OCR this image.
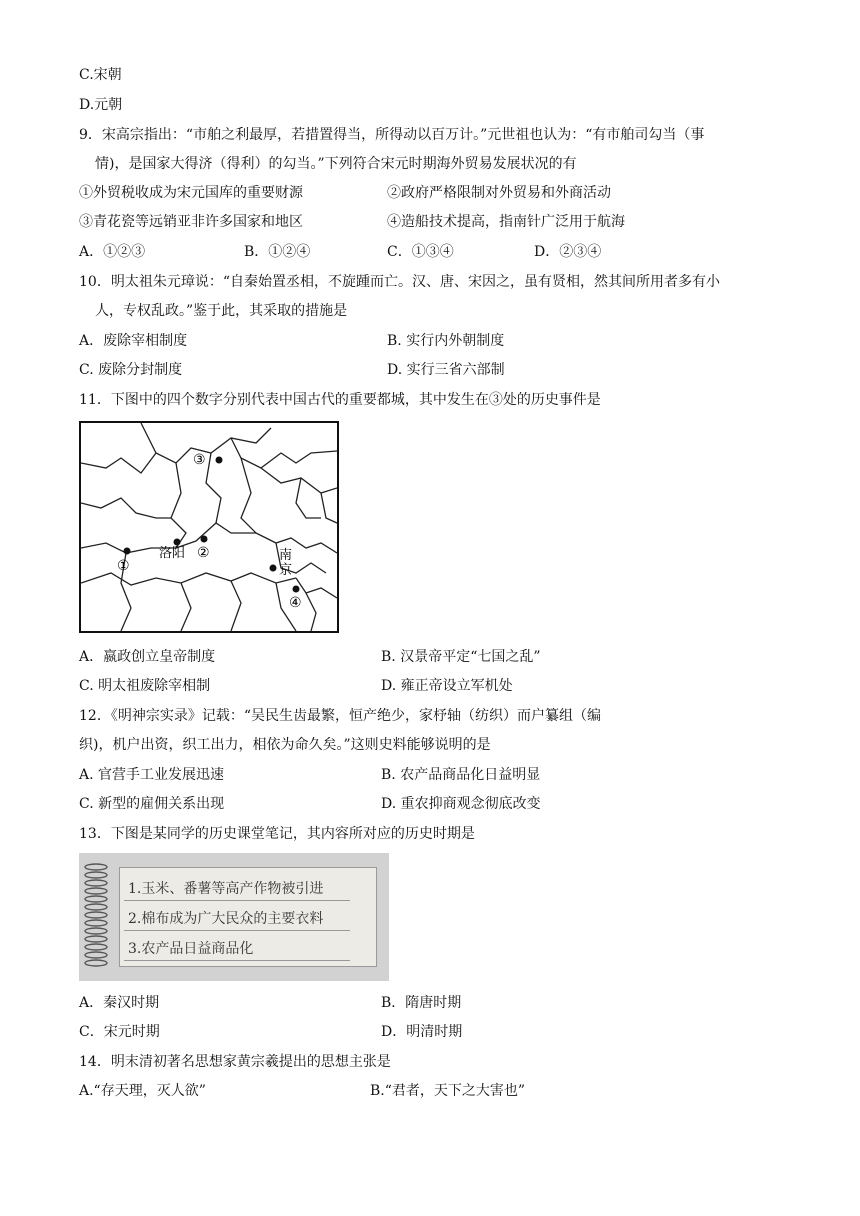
C.宋朝
D.元朝
9．宋高宗指出：“市舶之利最厚，若措置得当，所得动以百万计。”元世祖也认为：“有市舶司勾当（事
情)，是国家大得济（得利）的勾当。”下列符合宋元时期海外贸易发展状况的有
①外贸税收成为宋元国库的重要财源	②政府严格限制对外贸易和外商活动
③青花瓷等远销亚非许多国家和地区	④造船技术提高，指南针广泛用于航海
A．①②③	B．①②④	C．①③④	D．②③④
10．明太祖朱元璋说：“自秦始置丞相，不旋踵而亡。汉、唐、宋因之，虽有贤相，然其间所用者多有小
人，专权乱政。”鉴于此，其采取的措施是
A．废除宰相制度	B. 实行内外朝制度
C. 废除分封制度	D. 实行三省六部制
11．下图中的四个数字分别代表中国古代的重要都城，其中发生在③处的历史事件是
③
①
洛阳 ②	南
京
④
A．嬴政创立皇帝制度	B. 汉景帝平定“七国之乱”
C. 明太祖废除宰相制	D. 雍正帝设立军机处
12．《明神宗实录》记载：“吴民生齿最繁，恒产绝少，家杼轴（纺织）而户纂组（编
织)，机户出资，织工出力，相依为命久矣。”这则史料能够说明的是
A. 官营手工业发展迅速	B. 农产品商品化日益明显
C. 新型的雇佣关系出现	D. 重农抑商观念彻底改变
13．下图是某同学的历史课堂笔记，其内容所对应的历史时期是
1.玉米、番薯等高产作物被引进
2.棉布成为广大民众的主要衣料
3.农产品日益商品化
A．秦汉时期	B．隋唐时期
C．宋元时期	D．明清时期
14．明末清初著名思想家黄宗羲提出的思想主张是
A.“存天理，灭人欲”	B.“君者，天下之大害也”
